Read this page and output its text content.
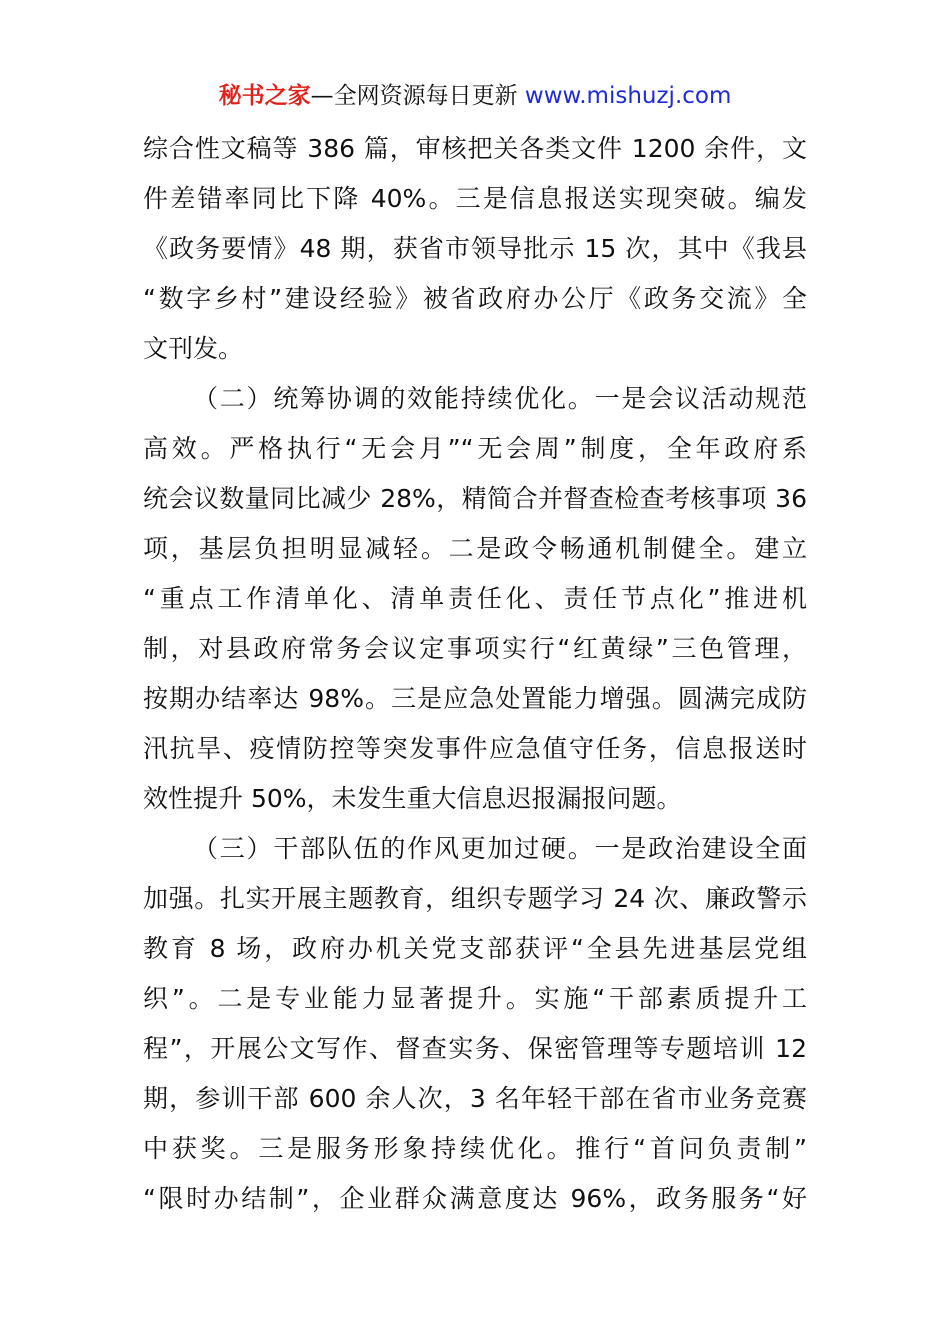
秘书之家—全网资源每日更新 www.mishuzj.com
综合性文稿等 386 篇，审核把关各类文件 1200 余件，文
件差错率同比下降 40%。三是信息报送实现突破。编发
《政务要情》48 期，获省市领导批示 15 次，其中《我县
“数字乡村”建设经验》被省政府办公厅《政务交流》全
文刊发。
（二）统筹协调的效能持续优化。一是会议活动规范
高效。严格执行“无会月”“无会周”制度，全年政府系
统会议数量同比减少 28%，精简合并督查检查考核事项 36
项，基层负担明显减轻。二是政令畅通机制健全。建立
“重点工作清单化、清单责任化、责任节点化”推进机
制，对县政府常务会议定事项实行“红黄绿”三色管理，
按期办结率达 98%。三是应急处置能力增强。圆满完成防
汛抗旱、疫情防控等突发事件应急值守任务，信息报送时
效性提升 50%，未发生重大信息迟报漏报问题。
（三）干部队伍的作风更加过硬。一是政治建设全面
加强。扎实开展主题教育，组织专题学习 24 次、廉政警示
教育 8 场，政府办机关党支部获评“全县先进基层党组
织”。二是专业能力显著提升。实施“干部素质提升工
程”，开展公文写作、督查实务、保密管理等专题培训 12
期，参训干部 600 余人次，3 名年轻干部在省市业务竞赛
中获奖。三是服务形象持续优化。推行“首问负责制”
“限时办结制”，企业群众满意度达 96%，政务服务“好
